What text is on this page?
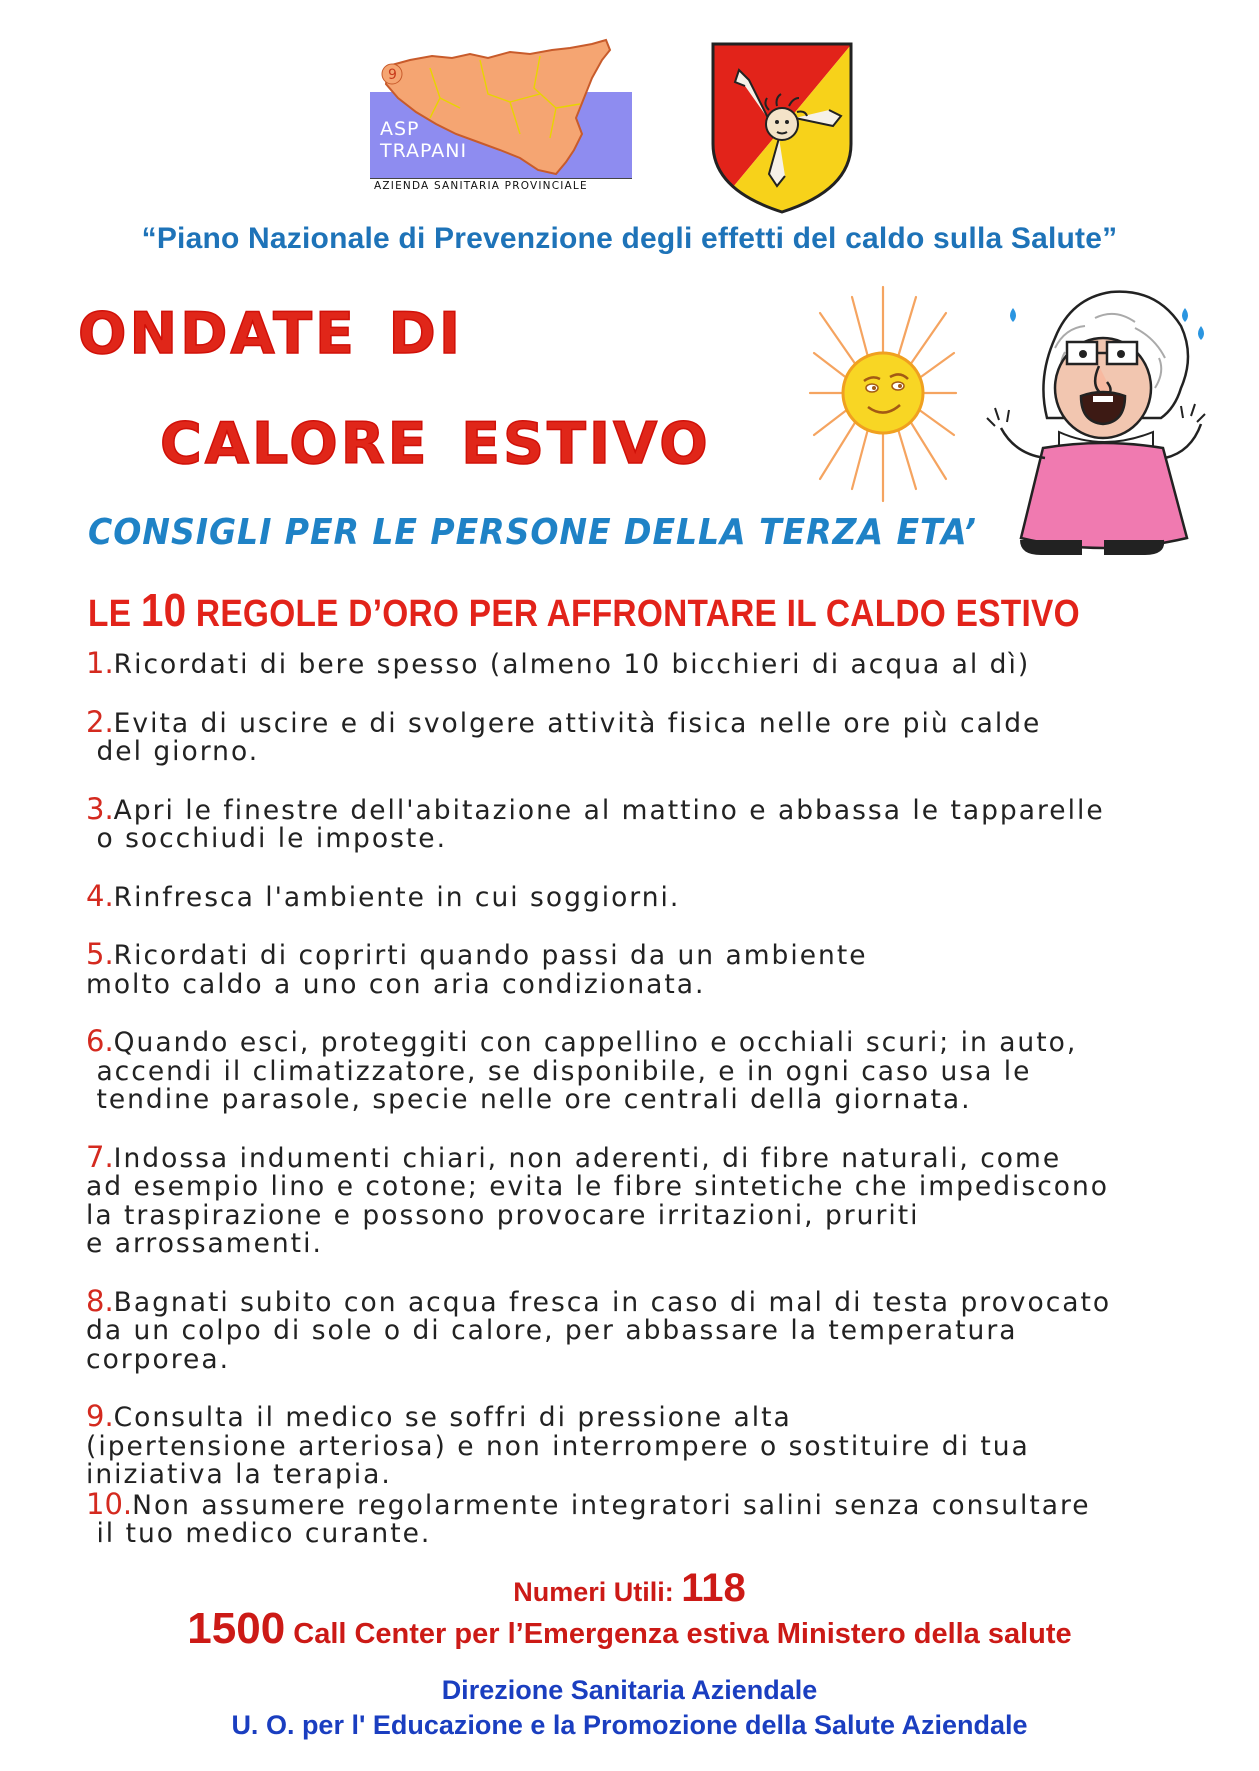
9
ASP
TRAPANI
AZIENDA SANITARIA PROVINCIALE
“Piano Nazionale di Prevenzione degli effetti del caldo sulla Salute”
ondate di
calore estivo
CONSIGLI PER LE PERSONE DELLA TERZA ETA’
LE 10 REGOLE D’ORO PER AFFRONTARE IL CALDO ESTIVO

1.Ricordati di bere spesso (almeno 10 bicchieri di acqua al dì)

2.Evita di uscire e di svolgere attività fisica nelle ore più calde
del giorno.

3.Apri le finestre dell'abitazione al mattino e abbassa le tapparelle
o socchiudi le imposte.

4.Rinfresca l'ambiente in cui soggiorni.

5.Ricordati di coprirti quando passi da un ambiente
molto caldo a uno con aria condizionata.

6.Quando esci, proteggiti con cappellino e occhiali scuri; in auto,
accendi il climatizzatore, se disponibile, e in ogni caso usa le
tendine parasole, specie nelle ore centrali della giornata.

7.Indossa indumenti chiari, non aderenti, di fibre naturali, come
ad esempio lino e cotone; evita le fibre sintetiche che impediscono
la traspirazione e possono provocare irritazioni, pruriti
e arrossamenti.

8.Bagnati subito con acqua fresca in caso di mal di testa provocato
da un colpo di sole o di calore, per abbassare la temperatura
corporea.

9.Consulta il medico se soffri di pressione alta
(ipertensione arteriosa) e non interrompere o sostituire di tua
iniziativa la terapia.

10.Non assumere regolarmente integratori salini senza consultare
il tuo medico curante.

Numeri Utili: 118
1500 Call Center per l’Emergenza estiva Ministero della salute
Direzione Sanitaria Aziendale
U. O. per l' Educazione e la Promozione della Salute Aziendale
